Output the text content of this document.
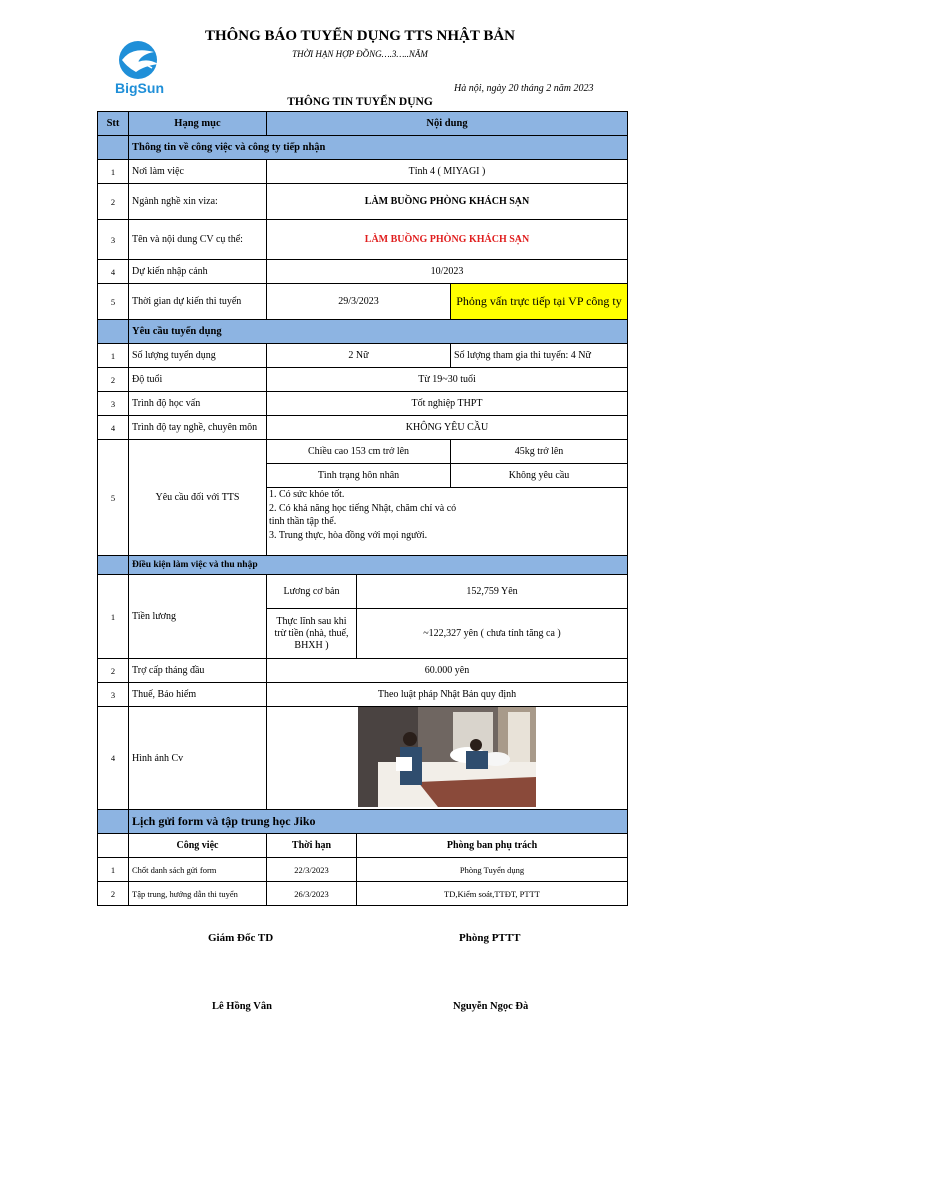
BigSun
THÔNG BÁO TUYỂN DỤNG TTS NHẬT BẢN
THỜI HẠN HỢP ĐỒNG….3…..NĂM
Hà nội, ngày 20 tháng 2 năm 2023
THÔNG TIN TUYỂN DỤNG
Stt	Hạng mục	Nội dung		
	Thông tin về công việc và công ty tiếp nhận			
1	Nơi làm việc	Tỉnh 4 ( MIYAGI )		
2	Ngành nghề xin viza:	LÀM BUỒNG PHÒNG KHÁCH SẠN		
3	Tên và nội dung CV cụ thể:	LÀM BUỒNG PHÒNG KHÁCH SẠN		
4	Dự kiến nhập cảnh	10/2023		
5	Thời gian dự kiến thi tuyển	29/3/2023		Phỏng vấn trực tiếp tại VP công ty
	Yêu cầu tuyển dụng			
1	Số lượng tuyển dụng	2 Nữ		Số lượng tham gia thi tuyển: 4 Nữ
2	Độ tuổi	Từ 19~30 tuổi		
3	Trình độ học vấn	Tốt nghiệp THPT		
4	Trình độ tay nghề, chuyên môn	KHÔNG YÊU CẦU		
5	Yêu cầu đối với TTS	Chiều cao 153 cm trở lên		45kg trở lên
		Tình trạng hôn nhân		Không yêu cầu

		1. Có sức khỏe tốt.
2. Có khả năng học tiếng Nhật, chăm chỉ và có tinh thần tập thể.
3. Trung thực, hòa đồng với mọi người.		

	Điều kiện làm việc và thu nhập			
1	Tiền lương	Lương cơ bản	152,759 Yên	
		Thực lĩnh sau khi trừ tiền (nhà, thuế, BHXH )	~122,327 yên ( chưa tính tăng ca )	
2	Trợ cấp tháng đầu	60.000 yên		
3	Thuế, Bảo hiểm	Theo luật pháp Nhật Bản quy định		
4	Hình ảnh Cv	

	Lịch gửi form và tập trung học Jiko			
	Công việc	Thời hạn	Phòng ban phụ trách	
1	Chốt danh sách gửi form	22/3/2023	Phòng Tuyển dụng	
2	Tập trung, hướng dẫn thi tuyển	26/3/2023	TD,Kiểm soát,TTĐT, PTTT	
Giám Đốc TD	Phòng PTTT
Lê Hồng Vân	Nguyễn Ngọc Đà
